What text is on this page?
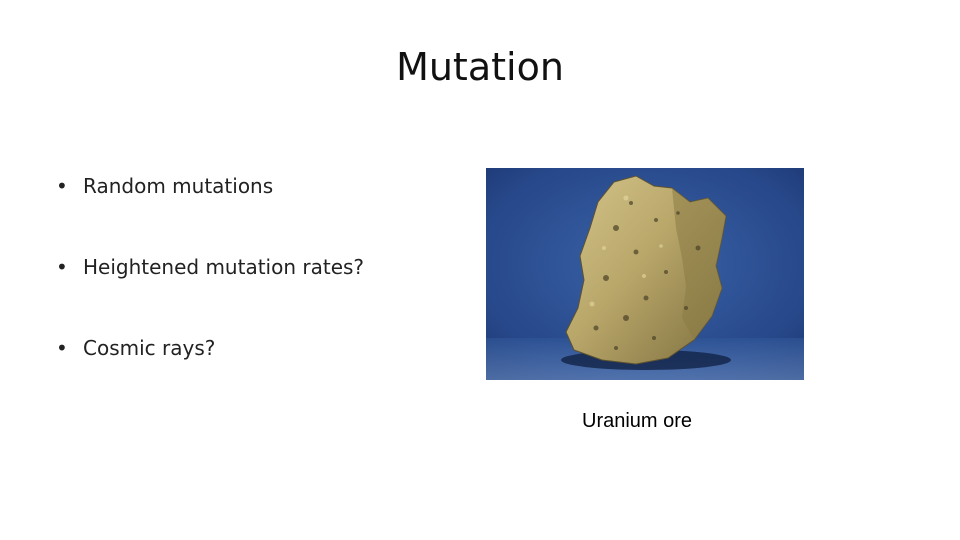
Mutation
• Random mutations
• Heightened mutation rates?
• Cosmic rays?
Uranium ore
